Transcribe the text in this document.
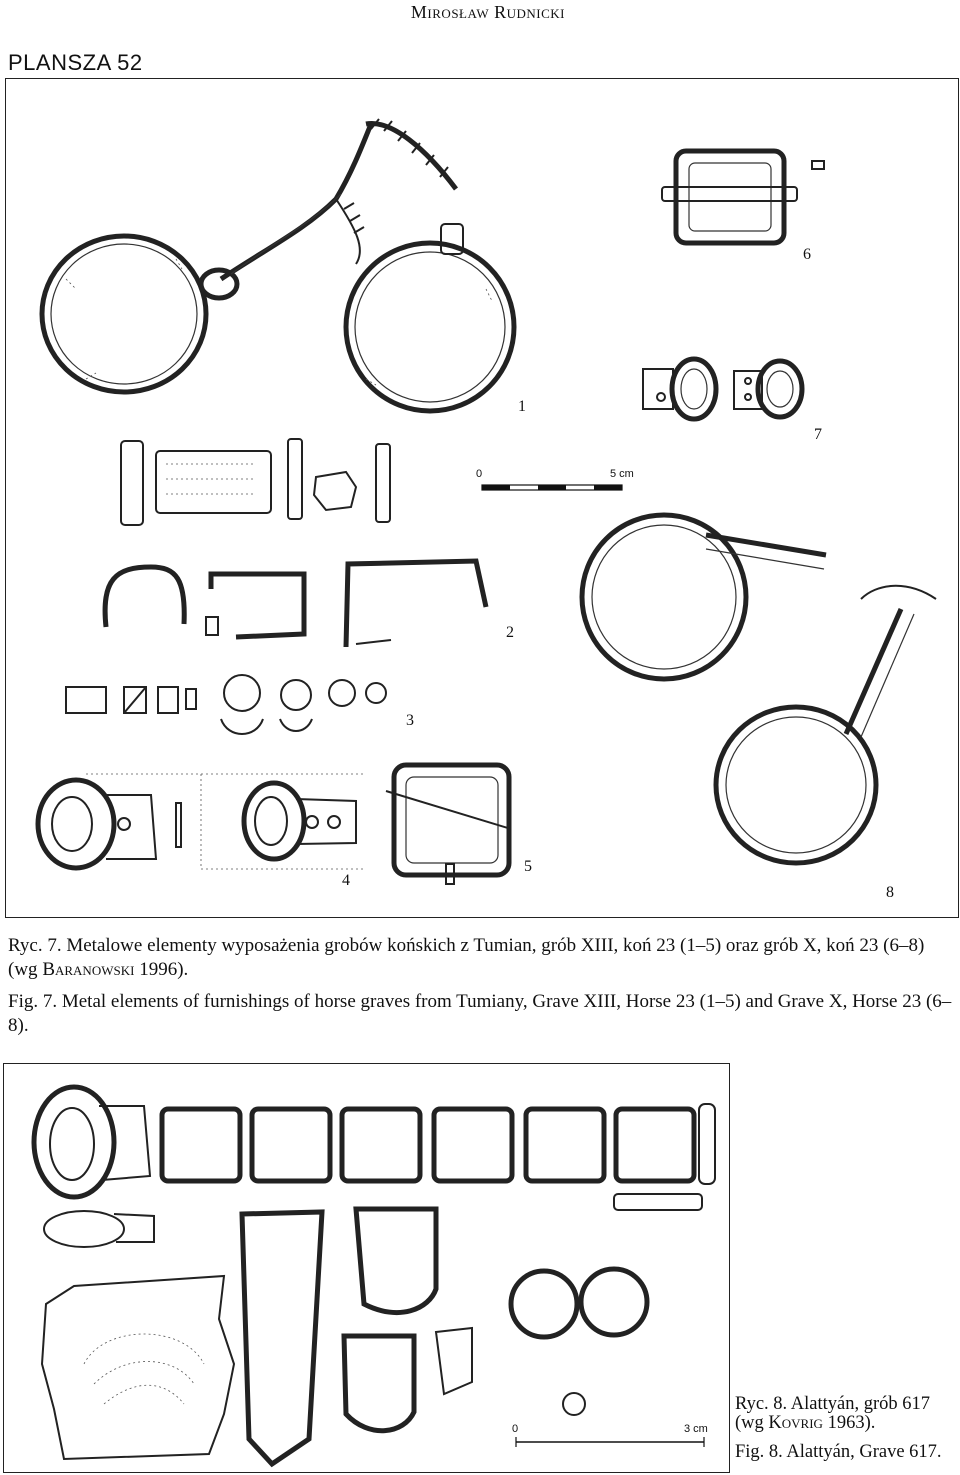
Mirosław Rudnicki
PLANSZA 52
0	5 cm
1
2
3
4
5
6
7
8
Ryc. 7. Metalowe elementy wyposażenia grobów końskich z Tumian, grób XIII, koń 23 (1–5) oraz grób X, koń 23 (6–8) (wg Baranowski 1996).
Fig. 7. Metal elements of furnishings of horse graves from Tumiany, Grave XIII, Horse 23 (1–5) and Grave X, Horse 23 (6–8).
0	3 cm
Ryc. 8. Alattyán, grób 617
(wg Kovrig 1963).
Fig. 8. Alattyán, Grave 617.
